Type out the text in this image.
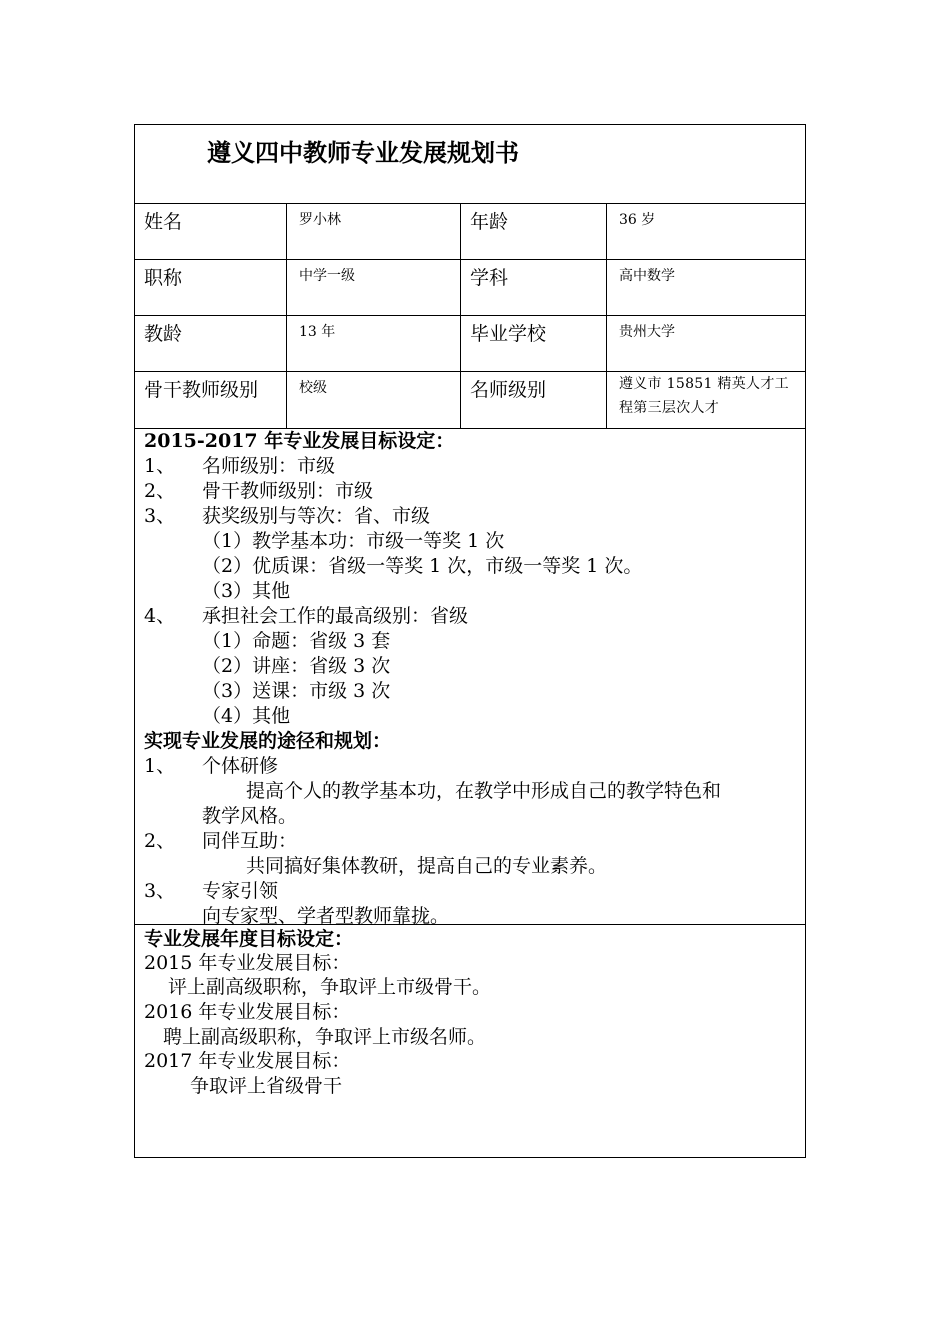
遵义四中教师专业发展规划书
姓名	罗小林	年龄	36 岁
职称	中学一级	学科	高中数学
教龄	13 年	毕业学校	贵州大学
骨干教师级别	校级	名师级别	遵义市 15851 精英人才工程第三层次人才
2015-2017 年专业发展目标设定：
1、 名师级别：市级
2、 骨干教师级别：市级
3、 获奖级别与等次：省、市级
（1）教学基本功：市级一等奖 1 次
（2）优质课：省级一等奖 1 次，市级一等奖 1 次。
（3）其他
4、 承担社会工作的最高级别：省级
（1）命题：省级 3 套
（2）讲座：省级 3 次
（3）送课：市级 3 次
（4）其他
实现专业发展的途径和规划：
1、 个体研修
提高个人的教学基本功，在教学中形成自己的教学特色和
教学风格。
2、 同伴互助：
共同搞好集体教研，提高自己的专业素养。
3、 专家引领
向专家型、学者型教师靠拢。
专业发展年度目标设定：
2015 年专业发展目标：
评上副高级职称，争取评上市级骨干。
2016 年专业发展目标：
聘上副高级职称，争取评上市级名师。
2017 年专业发展目标：
争取评上省级骨干
